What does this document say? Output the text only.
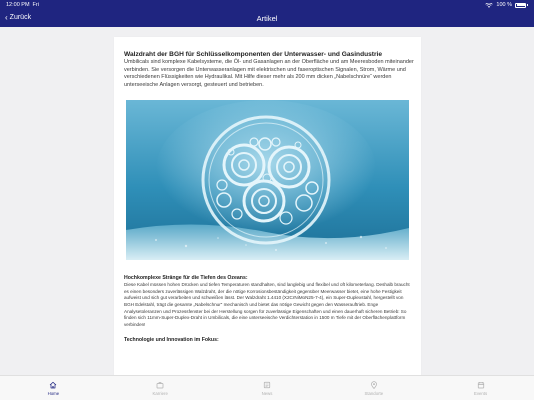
12:00 PM Fri	100 %
‹ Zurück	Artikel
Walzdraht der BGH für Schlüsselkomponenten der Unterwasser- und Gasindustrie
Umbilicals sind komplexe Kabelsysteme, die Öl- und Gasanlagen an der Oberfläche und am Meeresboden miteinander verbinden. Sie versorgen die Unterwasseranlagen mit elektrischen und faseroptischen Signalen, Strom, Wärme und verschiedenen Flüssigkeiten wie Hydraulikal. Mit Hilfe dieser mehr als 200 mm dicken „Nabelschnüre“ werden unterseeische Anlagen versorgt, gesteuert und betrieben.
Hochkomplexe Stränge für die Tiefen des Ozeans:
Diese Kabel müssen hohen Drücken und tiefen Temperaturen standhalten, sind langlebig und flexibel und oft kilometerlang. Deshalb braucht es einen besonders zuverlässigen Walzdraht, der die nötige Korrosionsbeständigkeit gegenüber Meerwasser bietet, eine hohe Festigkeit aufweist und sich gut verarbeiten und schweißen lässt. Der Walzdraht 1.4410 (X2CrNiMoN25-7-4), ein Super-Duplexstahl, hergestellt von BGH Edelstahl, trägt die gesamte „Nabelschnur“ mechanisch und bietet das nötige Gewicht gegen den Wasserauftrieb. Enge Analysetoleranzen und Prozessfenster bei der Herstellung sorgen für zuverlässige Eigenschaften und einen dauerhaft sicheren Betrieb: So finden sich 11mm-Super-Duplex-Draht in Umbilicals, die eine unterseeische Verdichterstation in 1500 m Tiefe mit der Oberflächenplattform verbinden!
Technologie und Innovation im Fokus:
Home	Karriere	News	Standorte	Events
